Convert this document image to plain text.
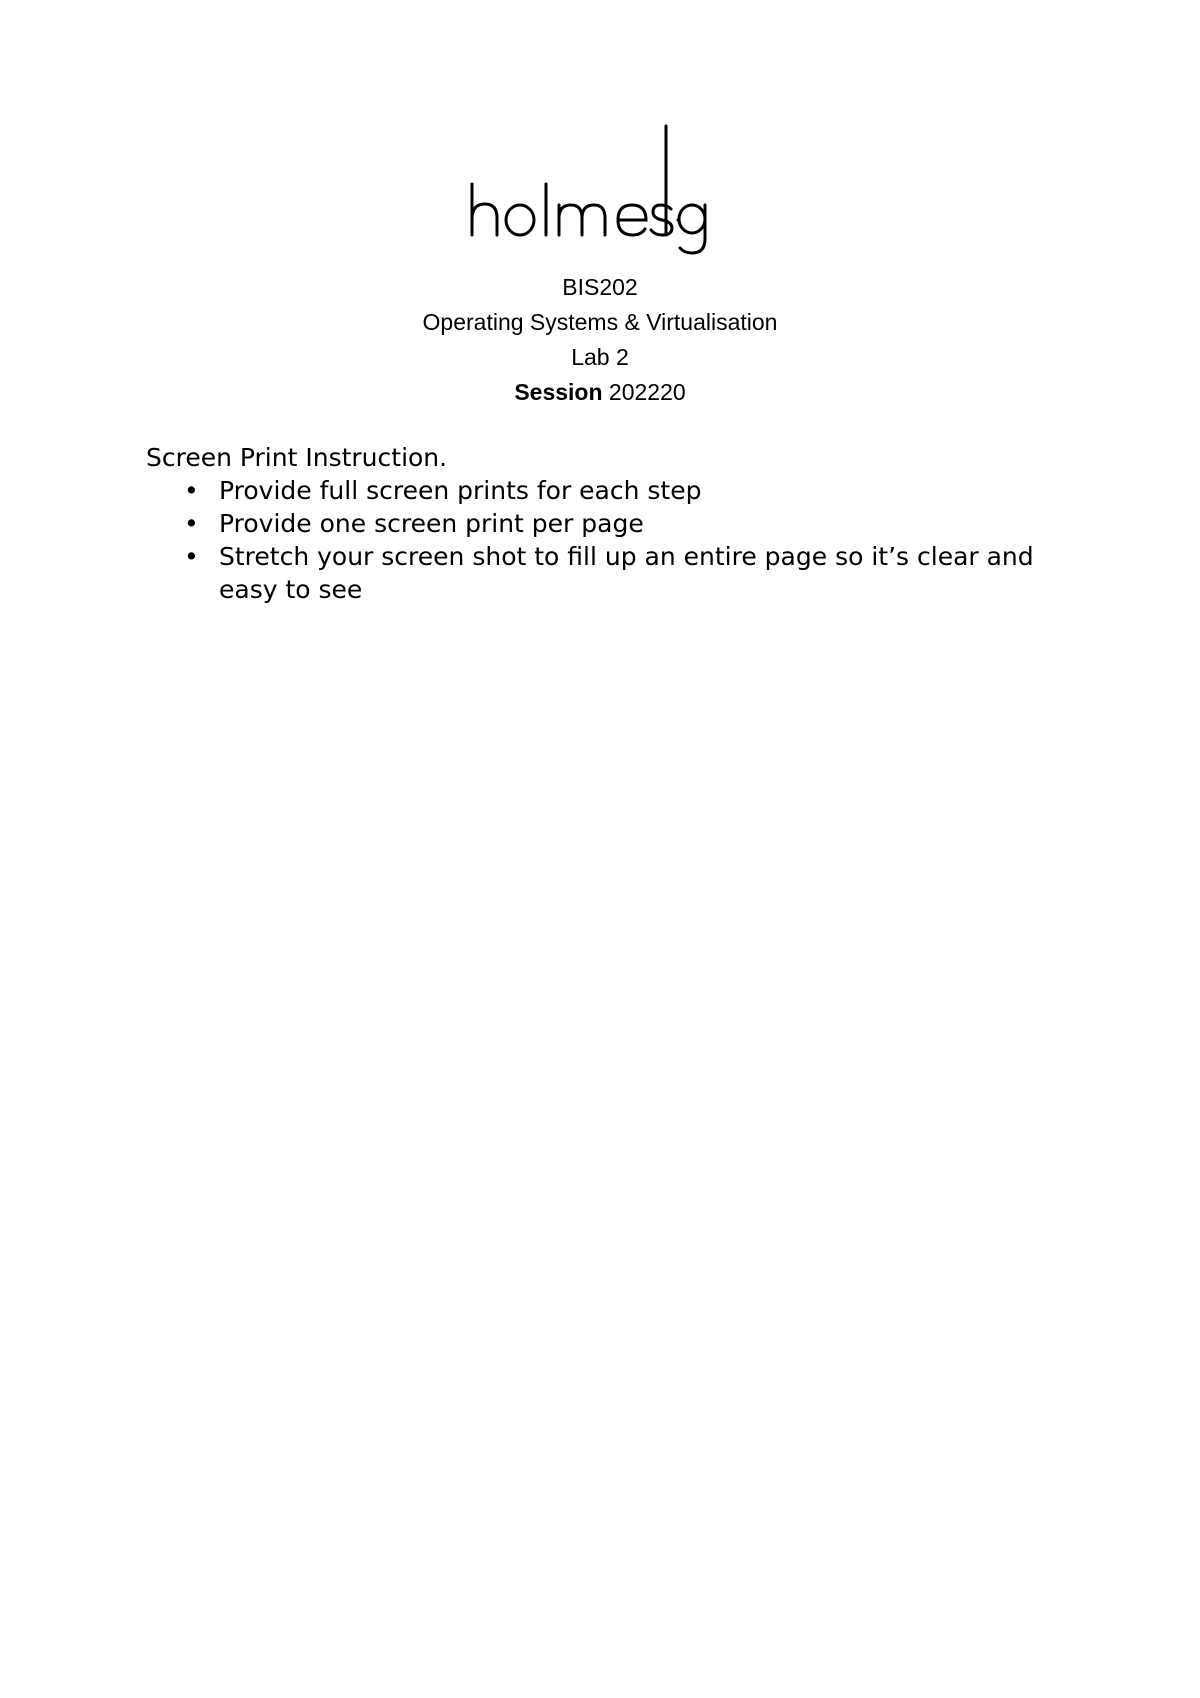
BIS202
Operating Systems & Virtualisation
Lab 2
Session 202220
Screen Print Instruction.
• Provide full screen prints for each step
• Provide one screen print per page
• Stretch your screen shot to fill up an entire page so it’s clear and easy to see
